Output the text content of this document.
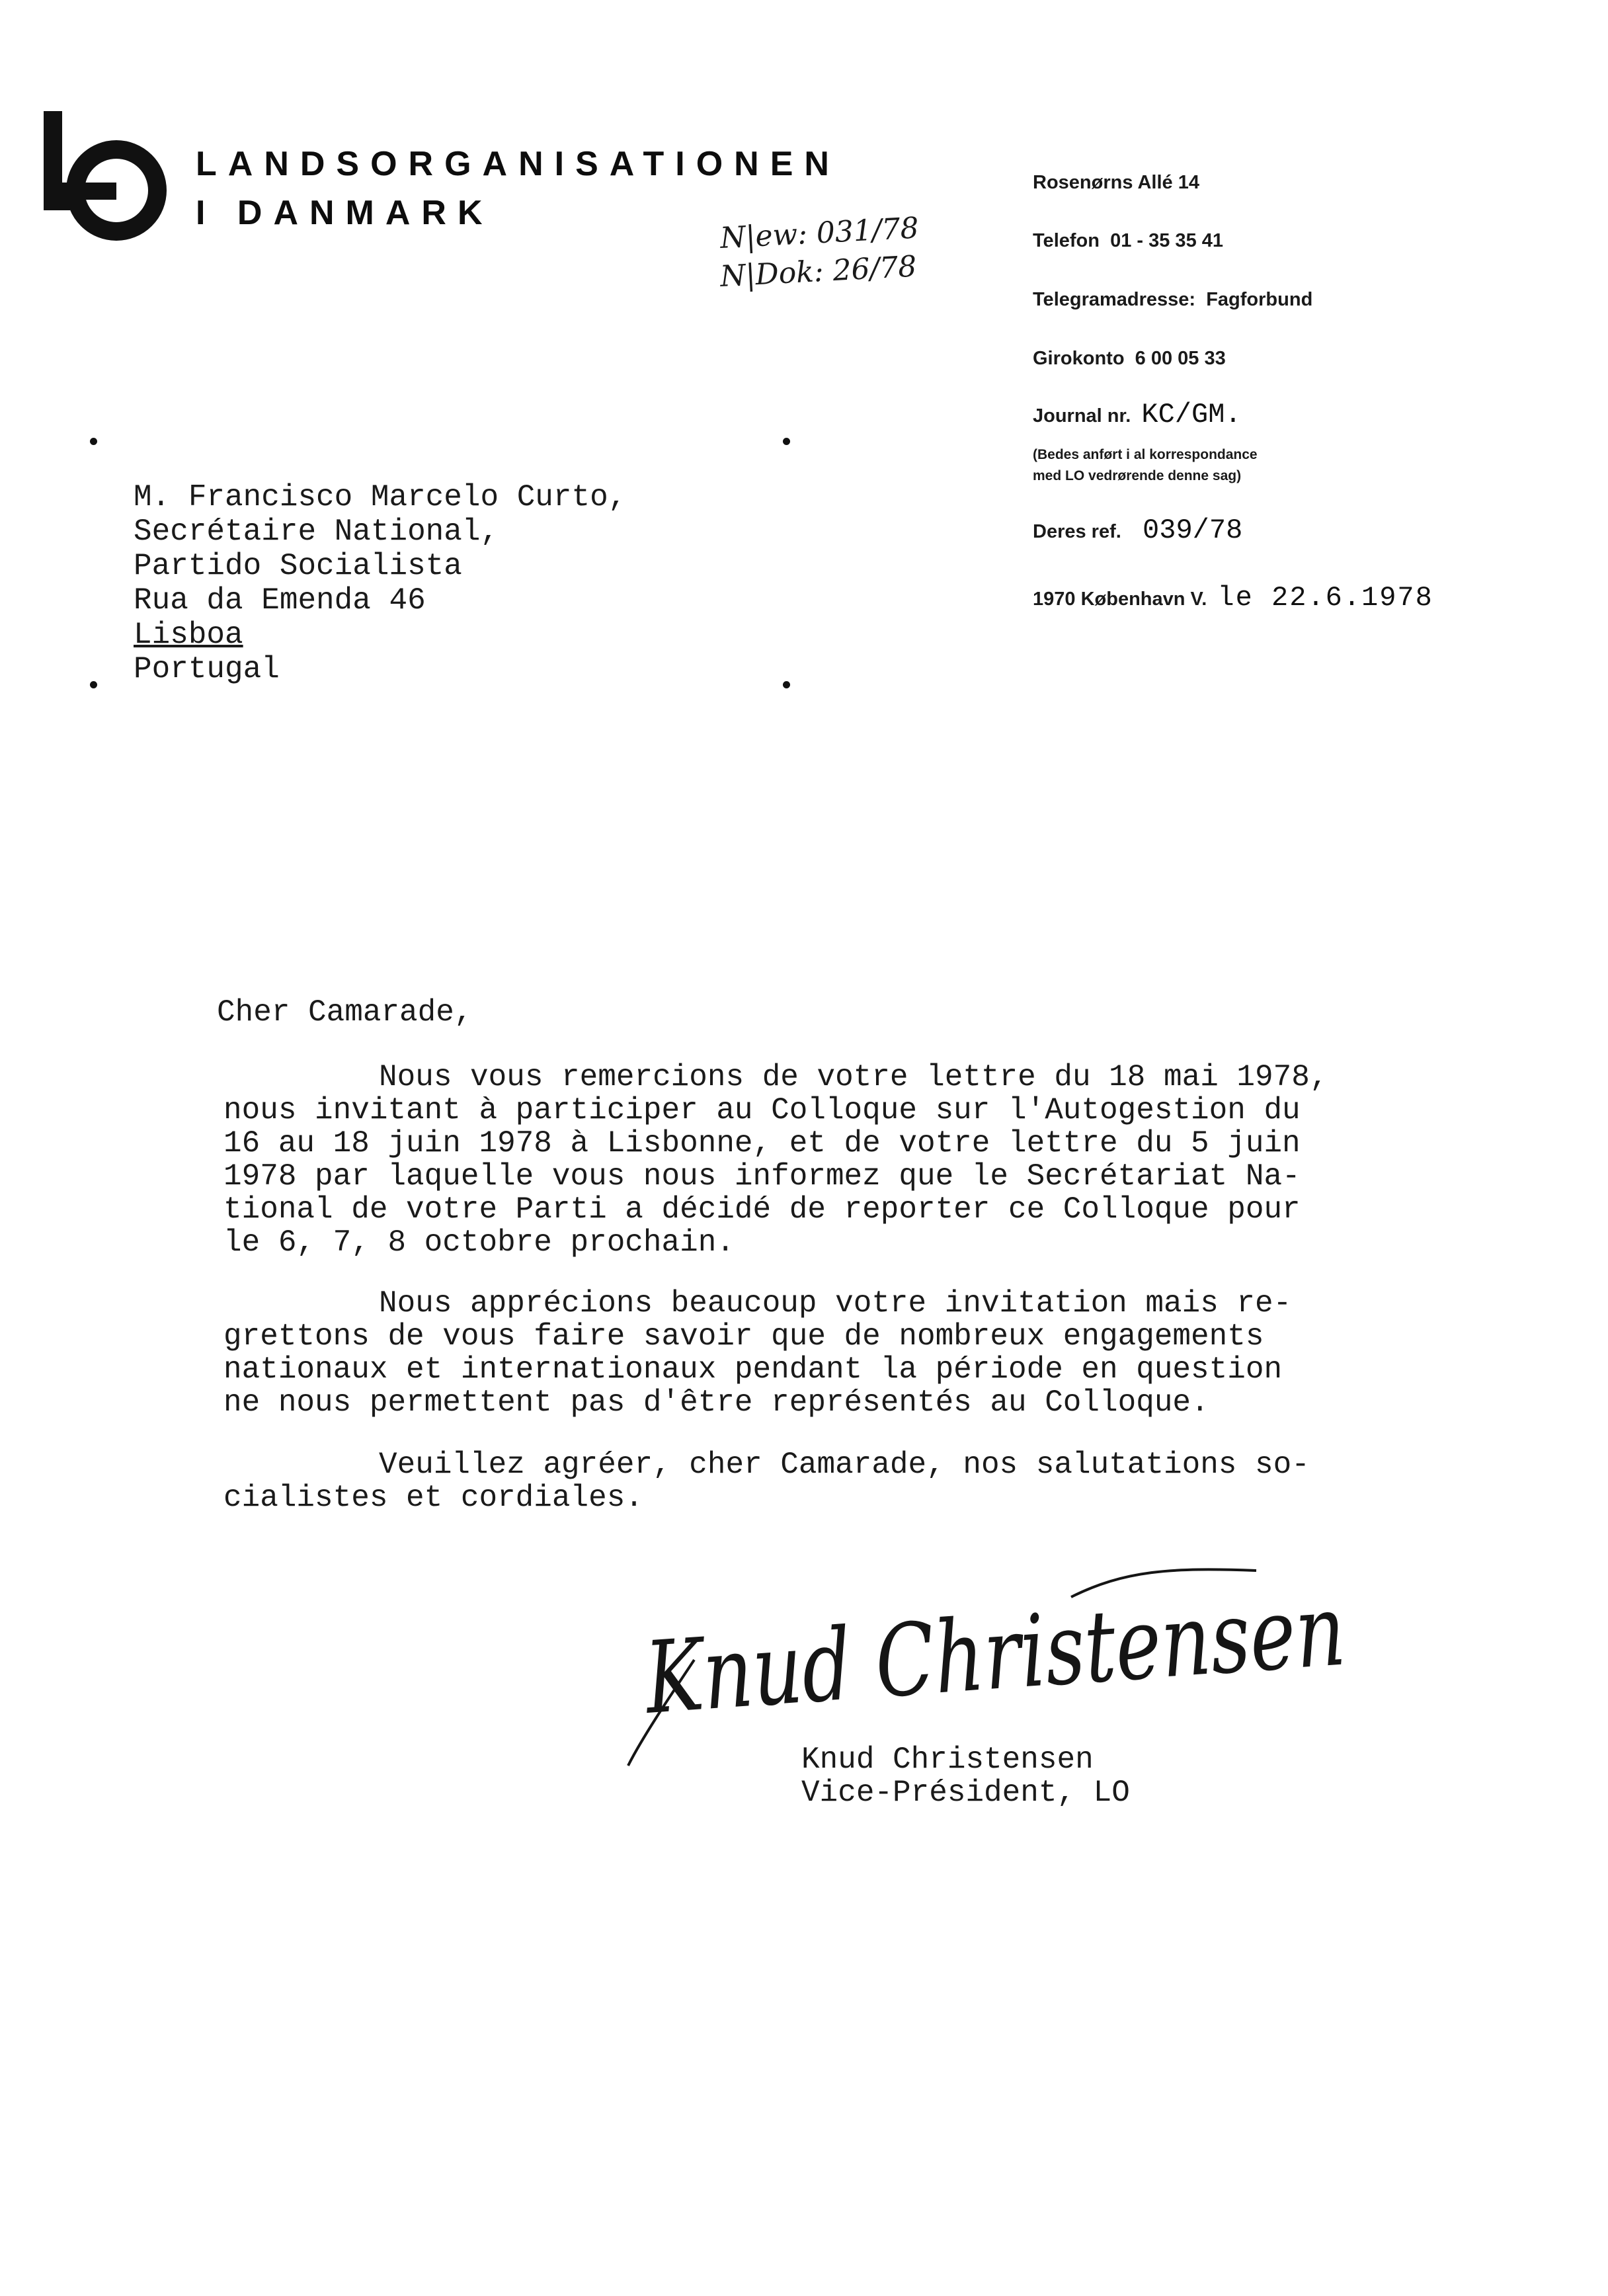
LANDSORGANISATIONEN
I DANMARK	N|ew: 031/78
N|Dok: 26/78
Rosenørns Allé 14
Telefon 01 - 35 35 41
Telegramadresse: Fagforbund
Girokonto 6 00 05 33
Journal nr. KC/GM.
(Bedes anført i al korrespondance
med LO vedrørende denne sag)
Deres ref. 039/78
1970 København V. le 22.6.1978
M. Francisco Marcelo Curto,
Secrétaire National,
Partido Socialista
Rua da Emenda 46
Lisboa
Portugal
Cher Camarade,
Nous vous remercions de votre lettre du 18 mai 1978,
nous invitant à participer au Colloque sur l'Autogestion du
16 au 18 juin 1978 à Lisbonne, et de votre lettre du 5 juin
1978 par laquelle vous nous informez que le Secrétariat Na-
tional de votre Parti a décidé de reporter ce Colloque pour
le 6, 7, 8 octobre prochain.
Nous apprécions beaucoup votre invitation mais re-
grettons de vous faire savoir que de nombreux engagements
nationaux et internationaux pendant la période en question
ne nous permettent pas d'être représentés au Colloque.
Veuillez agréer, cher Camarade, nos salutations so-
cialistes et cordiales.
Knud Christensen
Knud Christensen
Vice-Président, LO
